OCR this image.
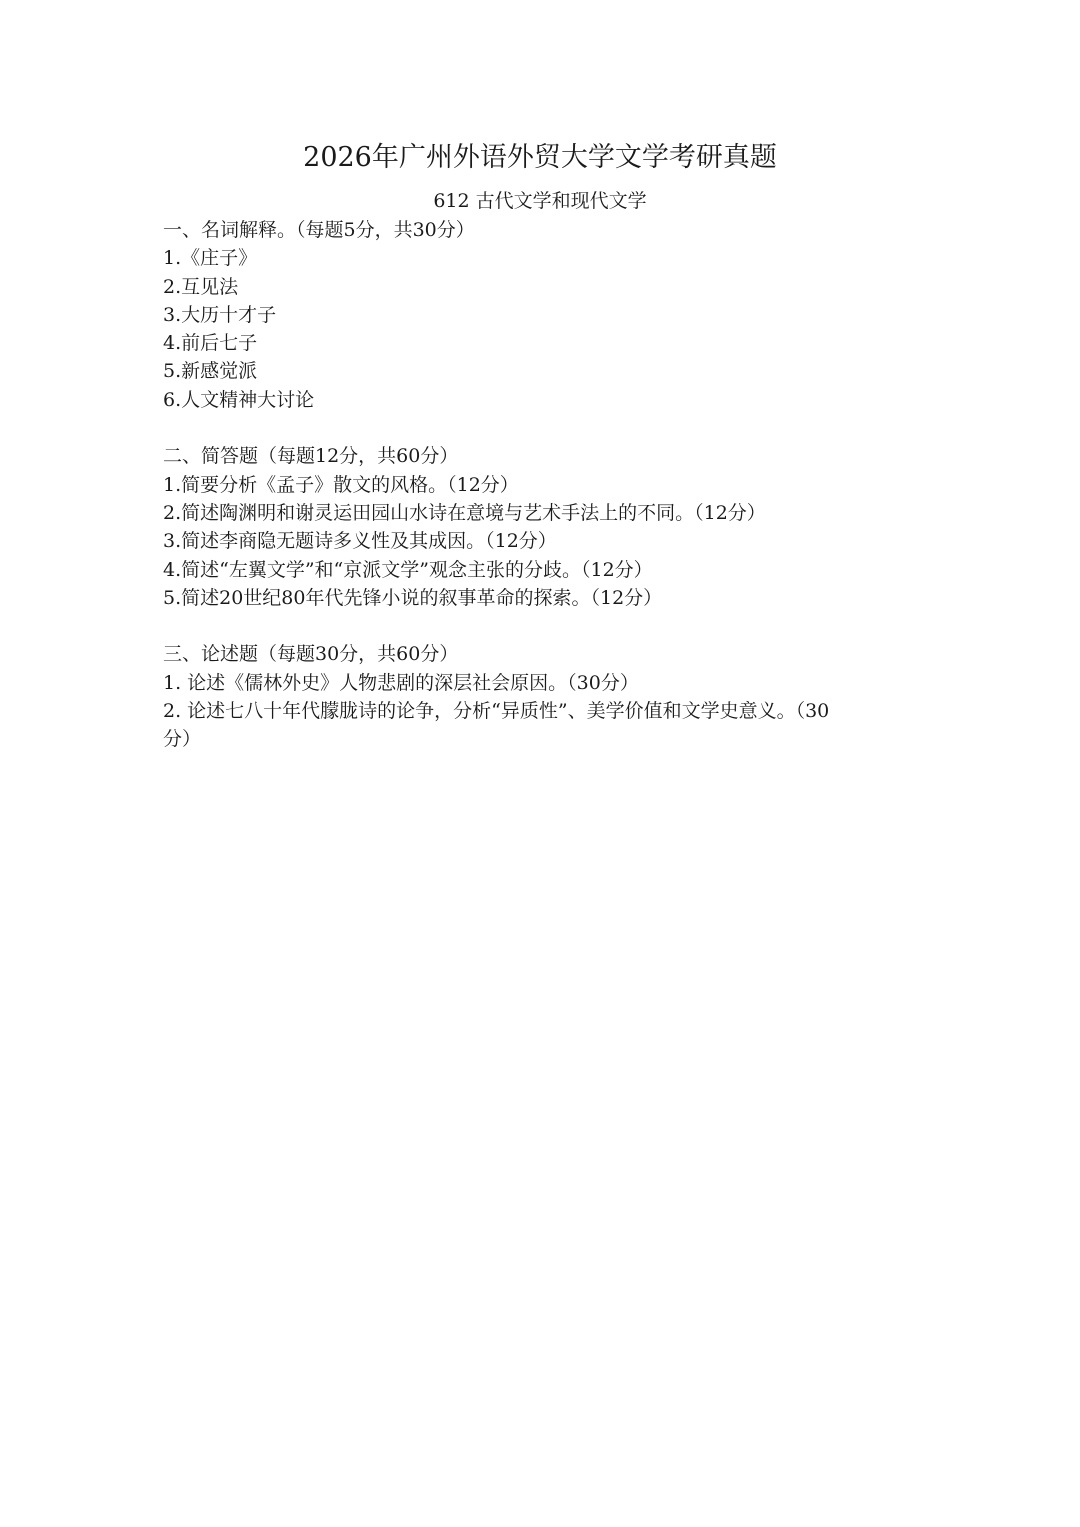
2026年广州外语外贸大学文学考研真题
612 古代文学和现代文学
一、名词解释。（每题5分，共30分）
1.《庄子》
2.互见法
3.大历十才子
4.前后七子
5.新感觉派
6.人文精神大讨论
二、简答题（每题12分，共60分）
1.简要分析《孟子》散文的风格。（12分）
2.简述陶渊明和谢灵运田园山水诗在意境与艺术手法上的不同。（12分）
3.简述李商隐无题诗多义性及其成因。（12分）
4.简述“左翼文学”和“京派文学”观念主张的分歧。（12分）
5.简述20世纪80年代先锋小说的叙事革命的探索。（12分）
三、论述题（每题30分，共60分）
1. 论述《儒林外史》人物悲剧的深层社会原因。（30分）
2. 论述七八十年代朦胧诗的论争，分析“异质性”、美学价值和文学史意义。（30
分）
